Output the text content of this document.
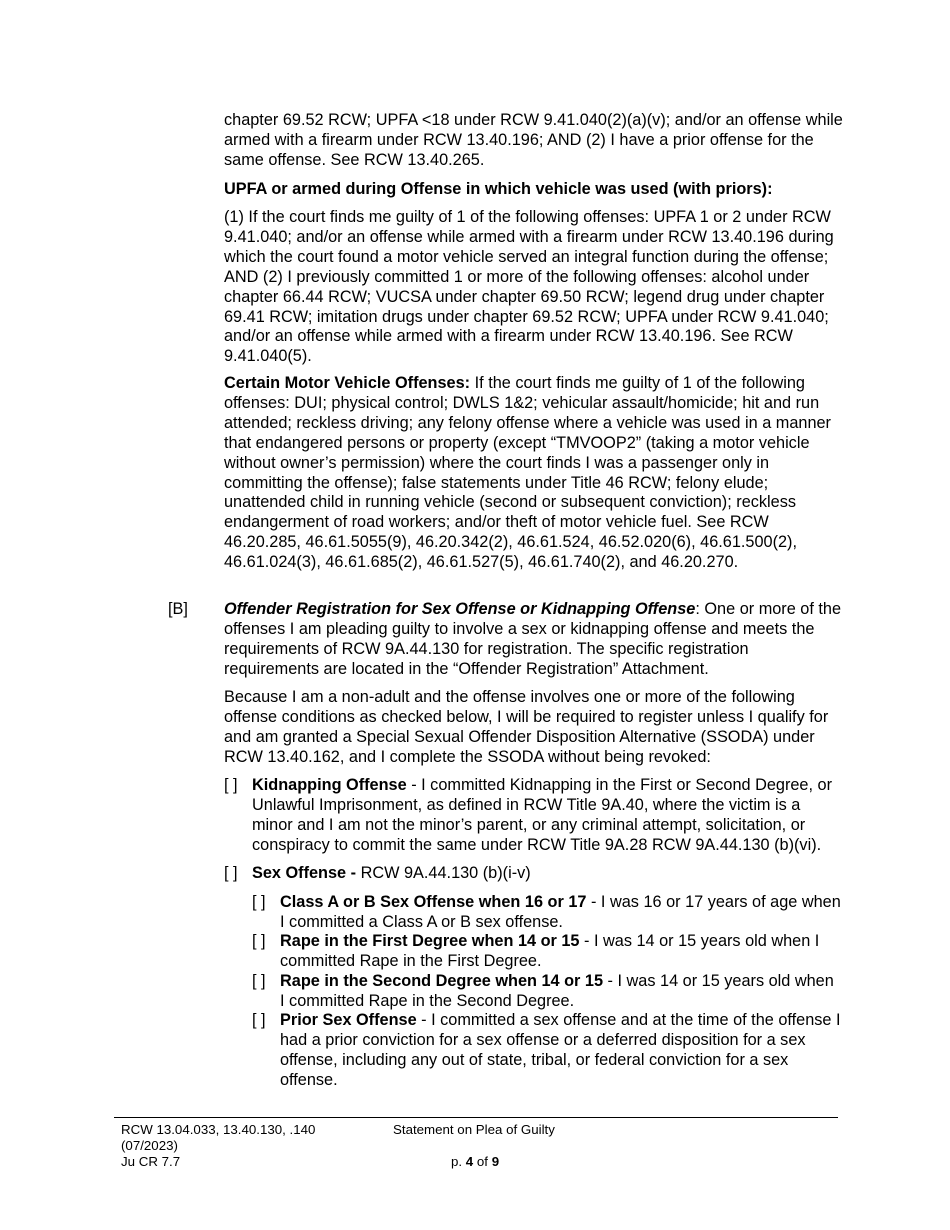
chapter 69.52 RCW; UPFA <18 under RCW 9.41.040(2)(a)(v); and/or an offense while armed with a firearm under RCW 13.40.196; AND (2) I have a prior offense for the same offense. See RCW 13.40.265.

UPFA or armed during Offense in which vehicle was used (with priors):

(1) If the court finds me guilty of 1 of the following offenses: UPFA 1 or 2 under RCW 9.41.040; and/or an offense while armed with a firearm under RCW 13.40.196 during which the court found a motor vehicle served an integral function during the offense; AND (2) I previously committed 1 or more of the following offenses: alcohol under chapter 66.44 RCW; VUCSA under chapter 69.50 RCW; legend drug under chapter 69.41 RCW; imitation drugs under chapter 69.52 RCW; UPFA under RCW 9.41.040; and/or an offense while armed with a firearm under RCW 13.40.196. See RCW 9.41.040(5).

Certain Motor Vehicle Offenses: If the court finds me guilty of 1 of the following offenses: DUI; physical control; DWLS 1&2; vehicular assault/homicide; hit and run attended; reckless driving; any felony offense where a vehicle was used in a manner that endangered persons or property (except “TMVOOP2” (taking a motor vehicle without owner’s permission) where the court finds I was a passenger only in committing the offense); false statements under Title 46 RCW; felony elude; unattended child in running vehicle (second or subsequent conviction); reckless endangerment of road workers; and/or theft of motor vehicle fuel. See RCW 46.20.285, 46.61.5055(9), 46.20.342(2), 46.61.524, 46.52.020(6), 46.61.500(2), 46.61.024(3), 46.61.685(2), 46.61.527(5), 46.61.740(2), and 46.20.270.

[B] Offender Registration for Sex Offense or Kidnapping Offense: One or more of the offenses I am pleading guilty to involve a sex or kidnapping offense and meets the requirements of RCW 9A.44.130 for registration. The specific registration requirements are located in the “Offender Registration” Attachment.

Because I am a non-adult and the offense involves one or more of the following offense conditions as checked below, I will be required to register unless I qualify for and am granted a Special Sexual Offender Disposition Alternative (SSODA) under RCW 13.40.162, and I complete the SSODA without being revoked:

[ ] Kidnapping Offense - I committed Kidnapping in the First or Second Degree, or Unlawful Imprisonment, as defined in RCW Title 9A.40, where the victim is a minor and I am not the minor’s parent, or any criminal attempt, solicitation, or conspiracy to commit the same under RCW Title 9A.28 RCW 9A.44.130 (b)(vi).

[ ] Sex Offense - RCW 9A.44.130 (b)(i-v)

[ ] Class A or B Sex Offense when 16 or 17 - I was 16 or 17 years of age when I committed a Class A or B sex offense.

[ ] Rape in the First Degree when 14 or 15 - I was 14 or 15 years old when I committed Rape in the First Degree.

[ ] Rape in the Second Degree when 14 or 15 - I was 14 or 15 years old when I committed Rape in the Second Degree.

[ ] Prior Sex Offense - I committed a sex offense and at the time of the offense I had a prior conviction for a sex offense or a deferred disposition for a sex offense, including any out of state, tribal, or federal conviction for a sex offense.

RCW 13.04.033, 13.40.130, .140

(07/2023)

Ju CR 7.7

Statement on Plea of Guilty

p. 4 of 9
